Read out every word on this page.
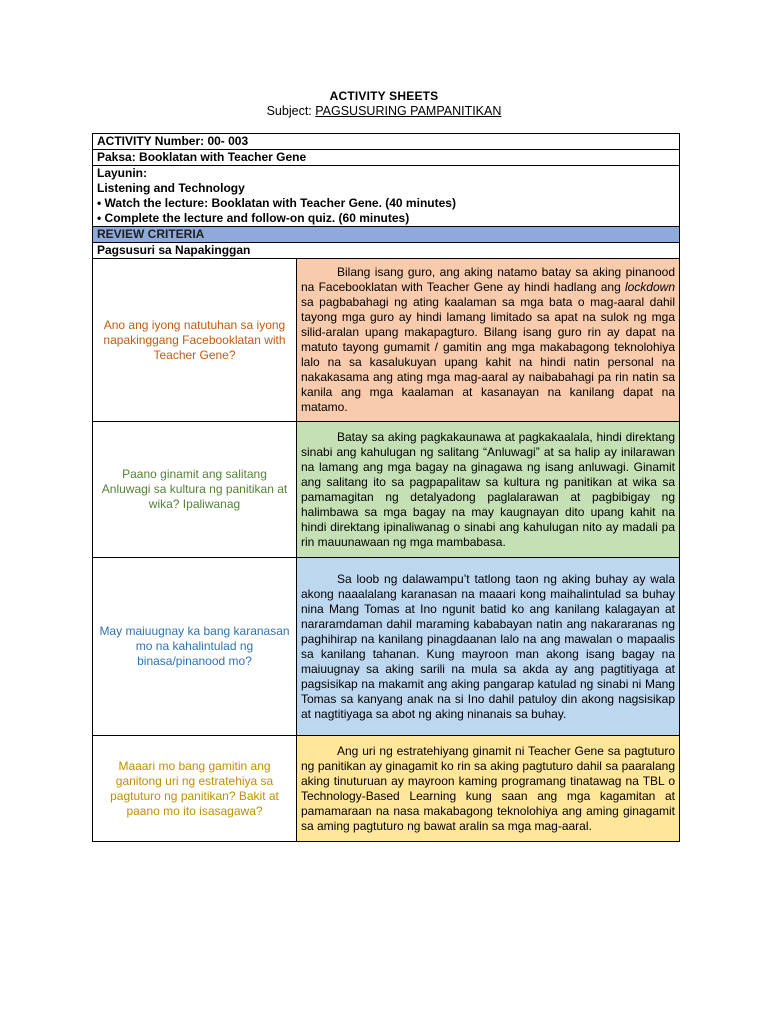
ACTIVITY SHEETS
Subject: PAGSUSURING PAMPANITIKAN
ACTIVITY Number: 00- 003	
Paksa: Booklatan with Teacher Gene	

Layunin:
Listening and Technology
• Watch the lecture: Booklatan with Teacher Gene. (40 minutes)
• Complete the lecture and follow-on quiz. (60 minutes)	

REVIEW CRITERIA	
Pagsusuri sa Napakinggan	
Ano ang iyong natutuhan sa iyong napakinggang Facebooklatan with Teacher Gene?	Bilang isang guro, ang aking natamo batay sa aking pinanood na Facebooklatan with Teacher Gene ay hindi hadlang ang lockdown sa pagbabahagi ng ating kaalaman sa mga bata o mag-aaral dahil tayong mga guro ay hindi lamang limitado sa apat na sulok ng mga silid-aralan upang makapagturo. Bilang isang guro rin ay dapat na matuto tayong gumamit / gamitin ang mga makabagong teknolohiya lalo na sa kasalukuyan upang kahit na hindi natin personal na nakakasama ang ating mga mag-aaral ay naibabahagi pa rin natin sa kanila ang mga kaalaman at kasanayan na kanilang dapat na matamo.

Paano ginamit ang salitang Anluwagi sa kultura ng panitikan at wika? Ipaliwanag	Batay sa aking pagkakaunawa at pagkakaalala, hindi direktang sinabi ang kahulugan ng salitang “Anluwagi” at sa halip ay inilarawan na lamang ang mga bagay na ginagawa ng isang anluwagi. Ginamit ang salitang ito sa pagpapalitaw sa kultura ng panitikan at wika sa pamamagitan ng detalyadong paglalarawan at pagbibigay ng halimbawa sa mga bagay na may kaugnayan dito upang kahit na hindi direktang ipinaliwanag o sinabi ang kahulugan nito ay madali pa rin mauunawaan ng mga mambabasa.

May maiuugnay ka bang karanasan mo na kahalintulad ng binasa/pinanood mo?	Sa loob ng dalawampu’t tatlong taon ng aking buhay ay wala akong naaalalang karanasan na maaari kong maihalintulad sa buhay nina Mang Tomas at Ino ngunit batid ko ang kanilang kalagayan at nararamdaman dahil maraming kababayan natin ang nakararanas ng paghihirap na kanilang pinagdaanan lalo na ang mawalan o mapaalis sa kanilang tahanan. Kung mayroon man akong isang bagay na maiuugnay sa aking sarili na mula sa akda ay ang pagtitiyaga at pagsisikap na makamit ang aking pangarap katulad ng sinabi ni Mang Tomas sa kanyang anak na si Ino dahil patuloy din akong nagsisikap at nagtitiyaga sa abot ng aking ninanais sa buhay.

Maaari mo bang gamitin ang ganitong uri ng estratehiya sa pagtuturo ng panitikan? Bakit at paano mo ito isasagawa?	Ang uri ng estratehiyang ginamit ni Teacher Gene sa pagtuturo ng panitikan ay ginagamit ko rin sa aking pagtuturo dahil sa paaralang aking tinuturuan ay mayroon kaming programang tinatawag na TBL o Technology-Based Learning kung saan ang mga kagamitan at pamamaraan na nasa makabagong teknolohiya ang aming ginagamit sa aming pagtuturo ng bawat aralin sa mga mag-aaral.
